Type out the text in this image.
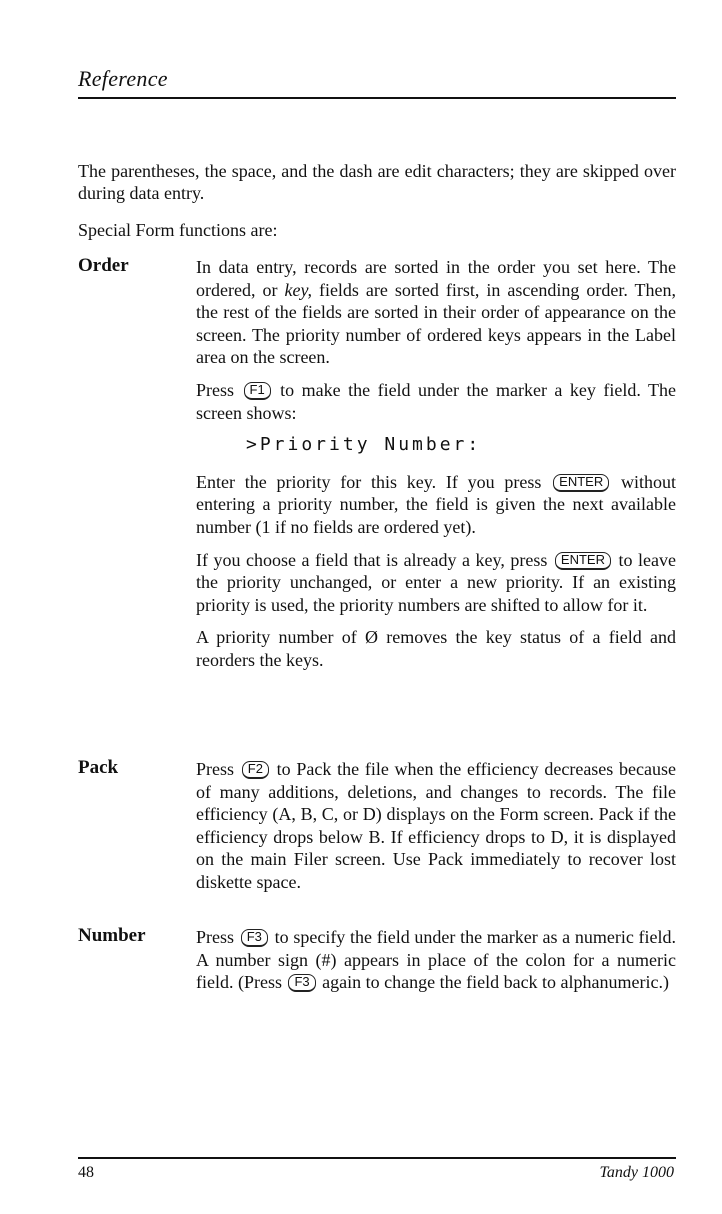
Reference
The parentheses, the space, and the dash are edit characters; they are skipped over during data entry.
Special Form functions are:
Order	In data entry, records are sorted in the order you set here. The ordered, or key, fields are sorted first, in ascending order. Then, the rest of the fields are sorted in their order of appearance on the screen. The priority number of ordered keys appears in the Label area on the screen.

Press F1 to make the field under the marker a key field. The screen shows:

>Priority Number:

Enter the priority for this key. If you press ENTER without entering a priority number, the field is given the next available number (1 if no fields are ordered yet).

If you choose a field that is already a key, press ENTER to leave the priority unchanged, or enter a new priority. If an existing priority is used, the priority numbers are shifted to allow for it.

A priority number of Ø removes the key status of a field and reorders the keys.

Pack	Press F2 to Pack the file when the efficiency decreases because of many additions, deletions, and changes to records. The file efficiency (A, B, C, or D) displays on the Form screen. Pack if the efficiency drops below B. If efficiency drops to D, it is displayed on the main Filer screen. Use Pack immediately to recover lost diskette space.

Number	Press F3 to specify the field under the marker as a numeric field. A number sign (#) appears in place of the colon for a numeric field. (Press F3 again to change the field back to alphanumeric.)

48	Tandy 1000
